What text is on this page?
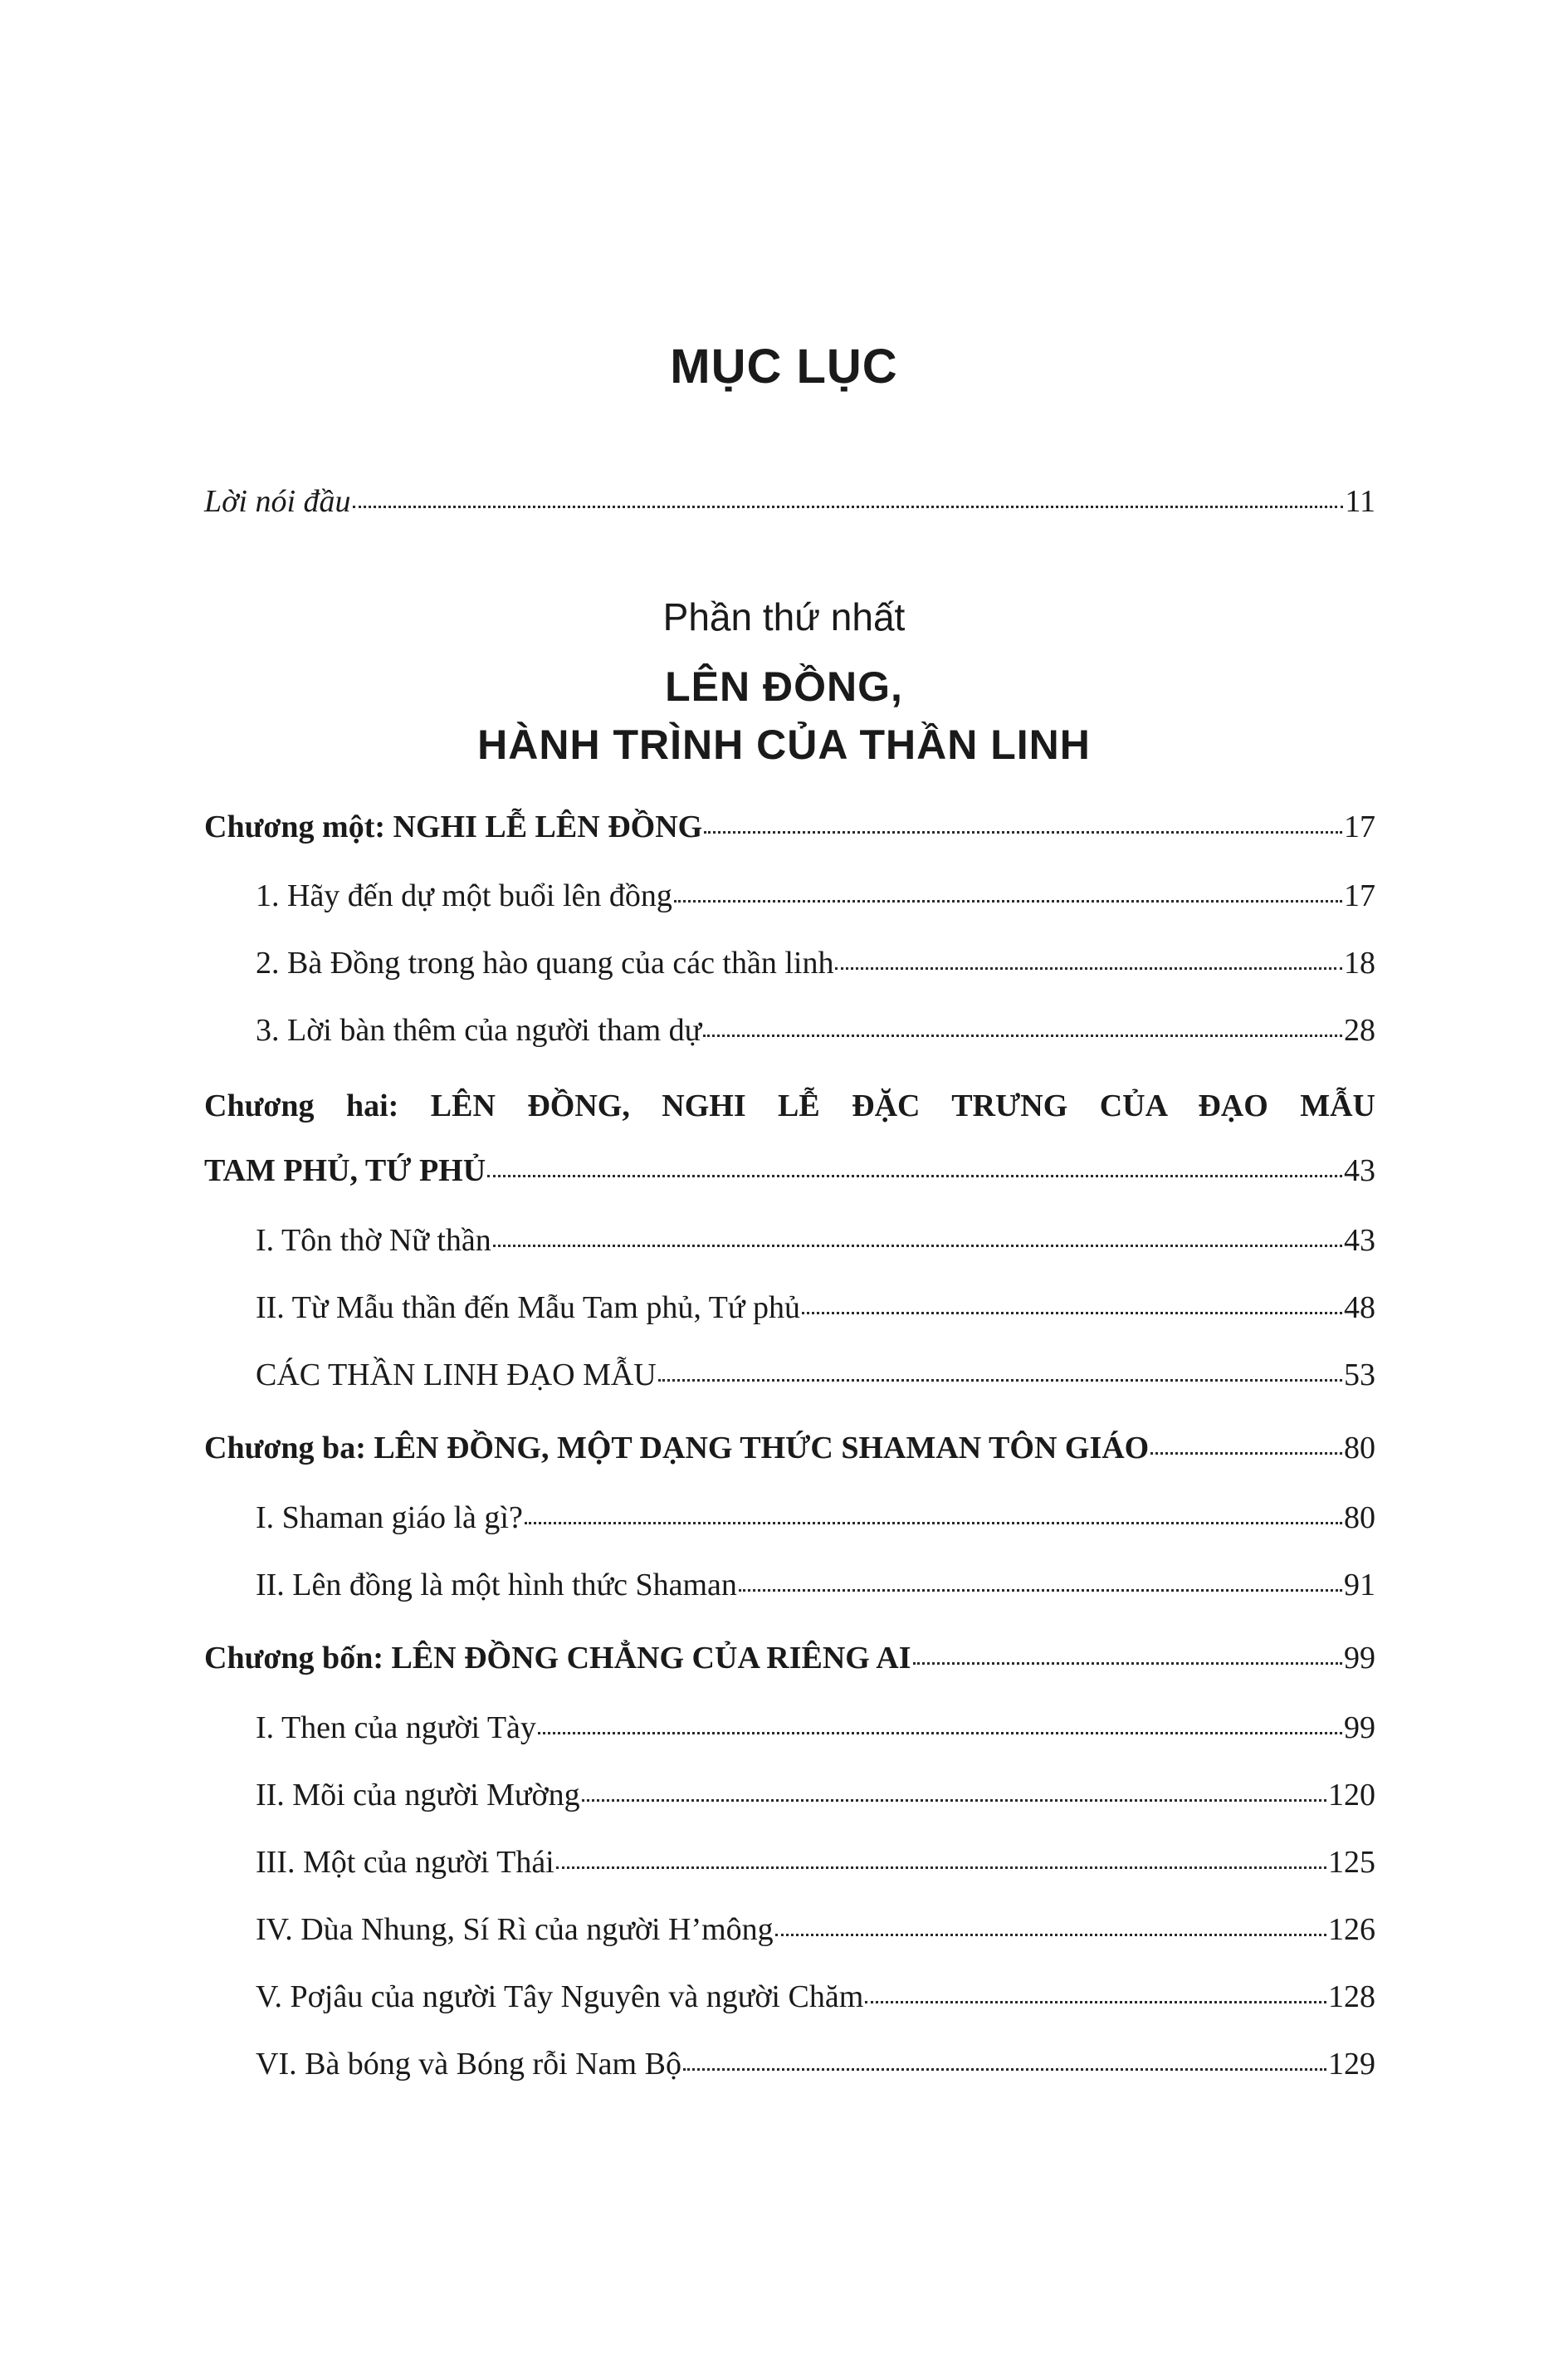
MỤC LỤC
Lời nói đầu	11
Phần thứ nhất
LÊN ĐỒNG,
HÀNH TRÌNH CỦA THẦN LINH
Chương một: NGHI LỄ LÊN ĐỒNG	17
1. Hãy đến dự một buổi lên đồng	17
2. Bà Đồng trong hào quang của các thần linh	18
3. Lời bàn thêm của người tham dự	28
Chương hai: LÊN ĐỒNG, NGHI LỄ ĐẶC TRƯNG CỦA ĐẠO MẪU
TAM PHỦ, TỨ PHỦ	43
I. Tôn thờ Nữ thần	43
II. Từ Mẫu thần đến Mẫu Tam phủ, Tứ phủ	48
CÁC THẦN LINH ĐẠO MẪU	53
Chương ba: LÊN ĐỒNG, MỘT DẠNG THỨC SHAMAN TÔN GIÁO	80
I. Shaman giáo là gì?	80
II. Lên đồng là một hình thức Shaman	91
Chương bốn: LÊN ĐỒNG CHẲNG CỦA RIÊNG AI	99
I. Then của người Tày	99
II. Mõi của người Mường	120
III. Một của người Thái	125
IV. Dùa Nhung, Sí Rì của người H’mông	126
V. Pơjâu của người Tây Nguyên và người Chăm	128
VI. Bà bóng và Bóng rỗi Nam Bộ	129
